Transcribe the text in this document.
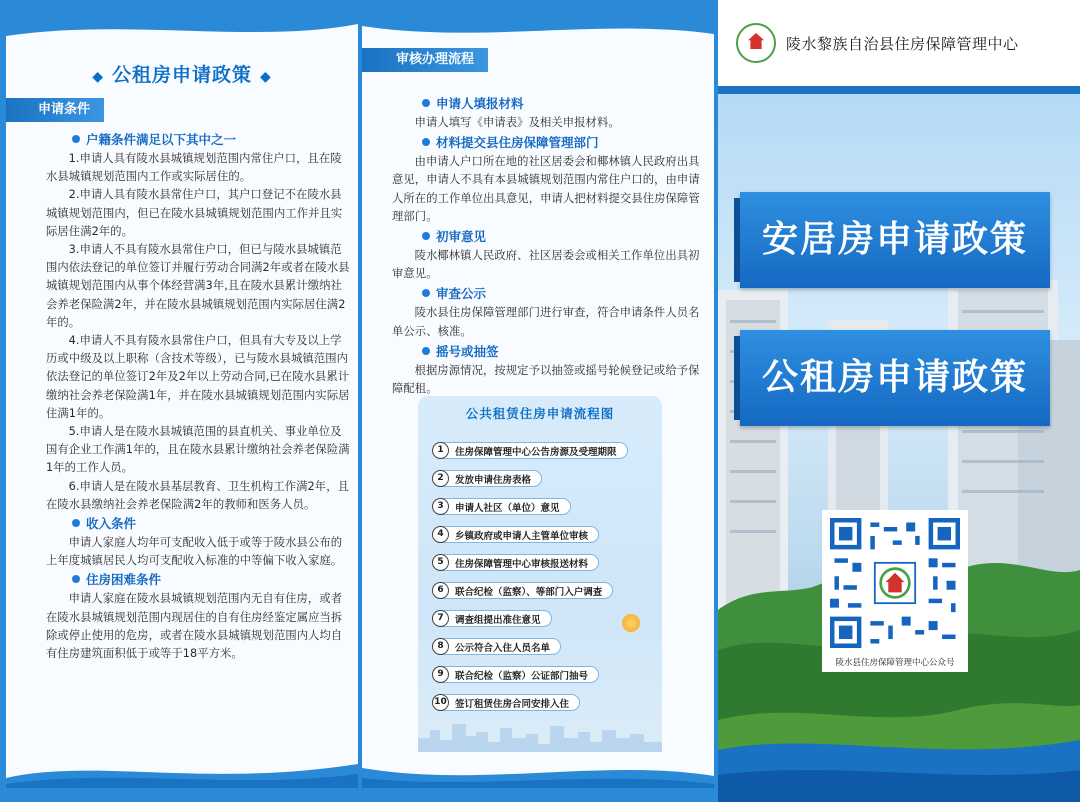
◆ 公租房申请政策 ◆
申请条件
户籍条件满足以下其中之一
1.申请人具有陵水县城镇规划范围内常住户口，且在陵水县城镇规划范围内工作或实际居住的。
2.申请人具有陵水县常住户口，其户口登记不在陵水县城镇规划范围内，但已在陵水县城镇规划范围内工作并且实际居住满2年的。
3.申请人不具有陵水县常住户口，但已与陵水县城镇范围内依法登记的单位签订并履行劳动合同满2年或者在陵水县城镇规划范围内从事个体经营满3年,且在陵水县累计缴纳社会养老保险满2年，并在陵水县城镇规划范围内实际居住满2年的。
4.申请人不具有陵水县常住户口，但具有大专及以上学历或中级及以上职称（含技术等级），已与陵水县城镇范围内依法登记的单位签订2年及2年以上劳动合同,已在陵水县累计缴纳社会养老保险满1年，并在陵水县城镇规划范围内实际居住满1年的。
5.申请人是在陵水县城镇范围的县直机关、事业单位及国有企业工作满1年的，且在陵水县累计缴纳社会养老保险满1年的工作人员。
6.申请人是在陵水县基层教育、卫生机构工作满2年，且在陵水县缴纳社会养老保险满2年的教师和医务人员。
收入条件
申请人家庭人均年可支配收入低于或等于陵水县公布的上年度城镇居民人均可支配收入标准的中等偏下收入家庭。
住房困难条件
申请人家庭在陵水县城镇规划范围内无自有住房，或者在陵水县城镇规划范围内现居住的自有住房经鉴定属应当拆除或停止使用的危房，或者在陵水县城镇规划范围内人均自有住房建筑面积低于或等于18平方米。
审核办理流程
申请人填报材料
申请人填写《申请表》及相关申报材料。
材料提交县住房保障管理部门
由申请人户口所在地的社区居委会和椰林镇人民政府出具意见，申请人不具有本县城镇规划范围内常住户口的，由申请人所在的工作单位出具意见，申请人把材料提交县住房保障管理部门。
初审意见
陵水椰林镇人民政府、社区居委会或相关工作单位出具初审意见。
审查公示
陵水县住房保障管理部门进行审查，符合申请条件人员名单公示、核准。
摇号或抽签
根据房源情况，按规定予以抽签或摇号轮候登记或给予保障配租。
公共租赁住房申请流程图
1	住房保障管理中心公告房源及受理期限
2	发放申请住房表格
3	申请人社区（单位）意见
4	乡镇政府或申请人主管单位审核
5	住房保障管理中心审核报送材料
6	联合纪检（监察）、等部门入户调查
7	调查组提出准住意见
8	公示符合入住人员名单
9	联合纪检（监察）公证部门抽号
10 签订租赁住房合同安排入住
陵水黎族自治县住房保障管理中心
安居房申请政策
公租房申请政策
陵水县住房保障管理中心公众号
